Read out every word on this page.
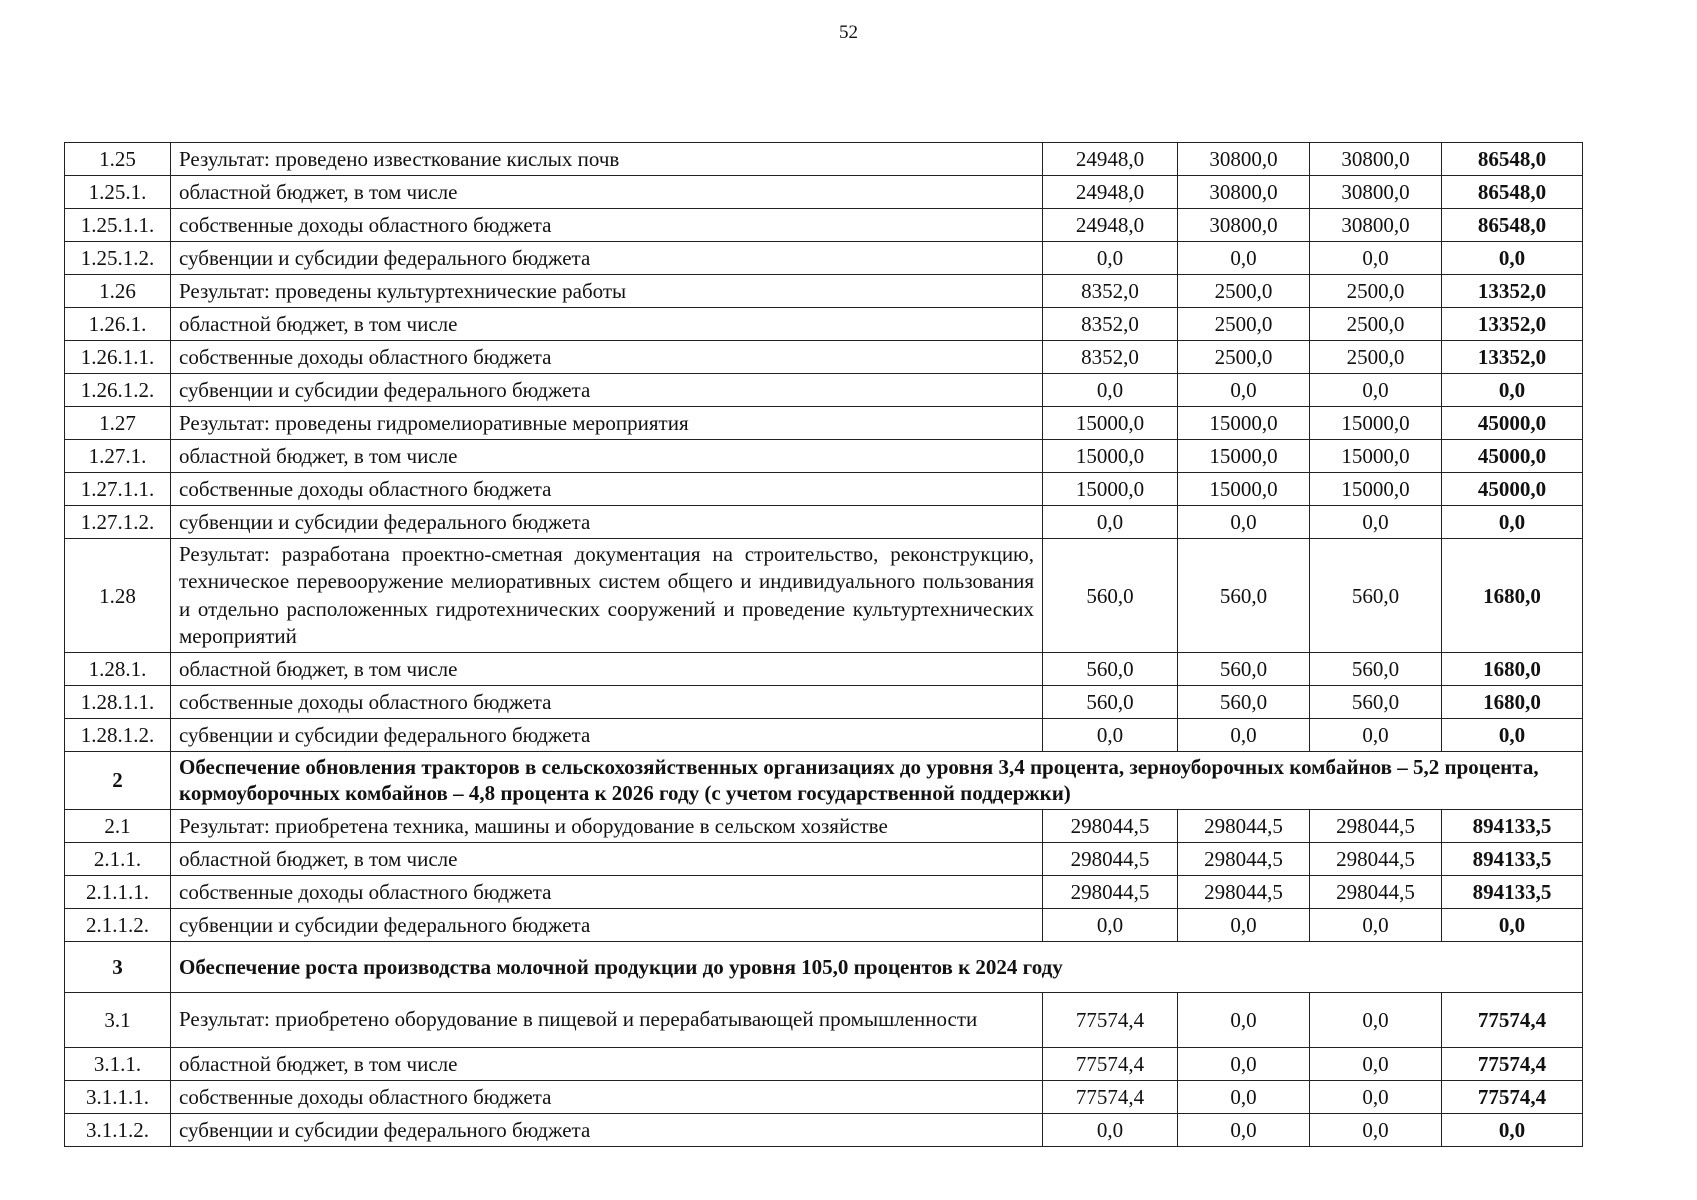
52
1.25	Результат: проведено известкование кислых почв	24948,0	30800,0	30800,0	86548,0
1.25.1.	областной бюджет, в том числе	24948,0	30800,0	30800,0	86548,0
1.25.1.1.	собственные доходы областного бюджета	24948,0	30800,0	30800,0	86548,0
1.25.1.2.	субвенции и субсидии федерального бюджета	0,0	0,0	0,0	0,0
1.26	Результат: проведены культуртехнические работы	8352,0	2500,0	2500,0	13352,0
1.26.1.	областной бюджет, в том числе	8352,0	2500,0	2500,0	13352,0
1.26.1.1.	собственные доходы областного бюджета	8352,0	2500,0	2500,0	13352,0
1.26.1.2.	субвенции и субсидии федерального бюджета	0,0	0,0	0,0	0,0
1.27	Результат: проведены гидромелиоративные мероприятия	15000,0	15000,0	15000,0	45000,0
1.27.1.	областной бюджет, в том числе	15000,0	15000,0	15000,0	45000,0
1.27.1.1.	собственные доходы областного бюджета	15000,0	15000,0	15000,0	45000,0
1.27.1.2.	субвенции и субсидии федерального бюджета	0,0	0,0	0,0	0,0
1.28	Результат: разработана проектно-сметная документация на строительство, реконструкцию, техническое перевооружение мелиоративных систем общего и индивидуального пользования и отдельно расположенных гидротехнических сооружений и проведение культуртехнических мероприятий	560,0	560,0	560,0	1680,0
1.28.1.	областной бюджет, в том числе	560,0	560,0	560,0	1680,0
1.28.1.1.	собственные доходы областного бюджета	560,0	560,0	560,0	1680,0
1.28.1.2.	субвенции и субсидии федерального бюджета	0,0	0,0	0,0	0,0
2	Обеспечение обновления тракторов в сельскохозяйственных организациях до уровня 3,4 процента, зерноуборочных комбайнов – 5,2 процента, кормоуборочных комбайнов – 4,8 процента к 2026 году (с учетом государственной поддержки)				
2.1	Результат: приобретена техника, машины и оборудование в сельском хозяйстве	298044,5	298044,5	298044,5	894133,5
2.1.1.	областной бюджет, в том числе	298044,5	298044,5	298044,5	894133,5
2.1.1.1.	собственные доходы областного бюджета	298044,5	298044,5	298044,5	894133,5
2.1.1.2.	субвенции и субсидии федерального бюджета	0,0	0,0	0,0	0,0
3	Обеспечение роста производства молочной продукции до уровня 105,0 процентов к 2024 году				
3.1	Результат: приобретено оборудование в пищевой и перерабатывающей промышленности	77574,4	0,0	0,0	77574,4
3.1.1.	областной бюджет, в том числе	77574,4	0,0	0,0	77574,4
3.1.1.1.	собственные доходы областного бюджета	77574,4	0,0	0,0	77574,4
3.1.1.2.	субвенции и субсидии федерального бюджета	0,0	0,0	0,0	0,0
